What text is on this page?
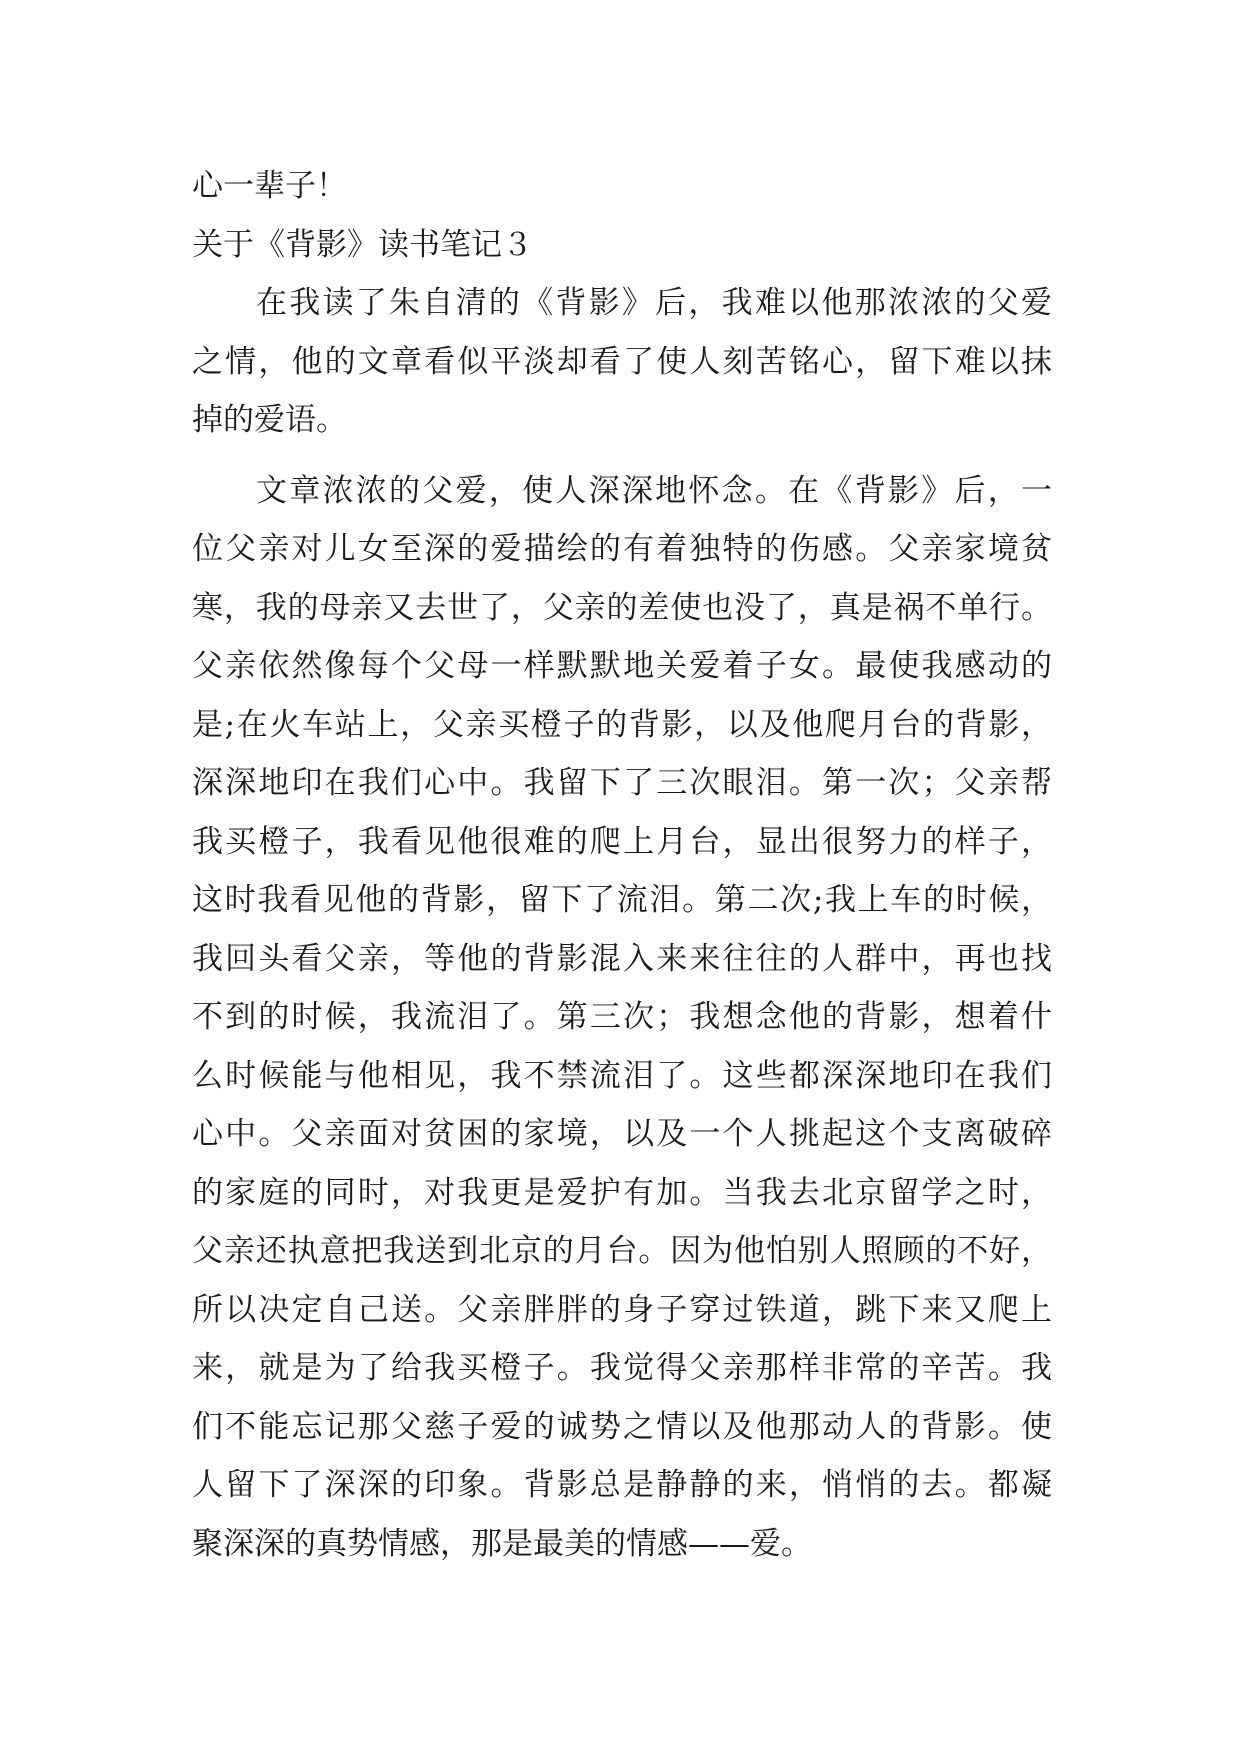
心一辈子！
关于《背影》读书笔记３
在我读了朱自清的《背影》后，我难以他那浓浓的父爱
之情，他的文章看似平淡却看了使人刻苦铭心，留下难以抹
掉的爱语。
文章浓浓的父爱，使人深深地怀念。在《背影》后，一
位父亲对儿女至深的爱描绘的有着独特的伤感。父亲家境贫
寒，我的母亲又去世了，父亲的差使也没了，真是祸不单行。
父亲依然像每个父母一样默默地关爱着子女。最使我感动的
是;在火车站上，父亲买橙子的背影，以及他爬月台的背影，
深深地印在我们心中。我留下了三次眼泪。第一次；父亲帮
我买橙子，我看见他很难的爬上月台，显出很努力的样子，
这时我看见他的背影，留下了流泪。第二次;我上车的时候，
我回头看父亲，等他的背影混入来来往往的人群中，再也找
不到的时候，我流泪了。第三次；我想念他的背影，想着什
么时候能与他相见，我不禁流泪了。这些都深深地印在我们
心中。父亲面对贫困的家境，以及一个人挑起这个支离破碎
的家庭的同时，对我更是爱护有加。当我去北京留学之时，
父亲还执意把我送到北京的月台。因为他怕别人照顾的不好，
所以决定自己送。父亲胖胖的身子穿过铁道，跳下来又爬上
来，就是为了给我买橙子。我觉得父亲那样非常的辛苦。我
们不能忘记那父慈子爱的诚势之情以及他那动人的背影。使
人留下了深深的印象。背影总是静静的来，悄悄的去。都凝
聚深深的真势情感，那是最美的情感——爱。
